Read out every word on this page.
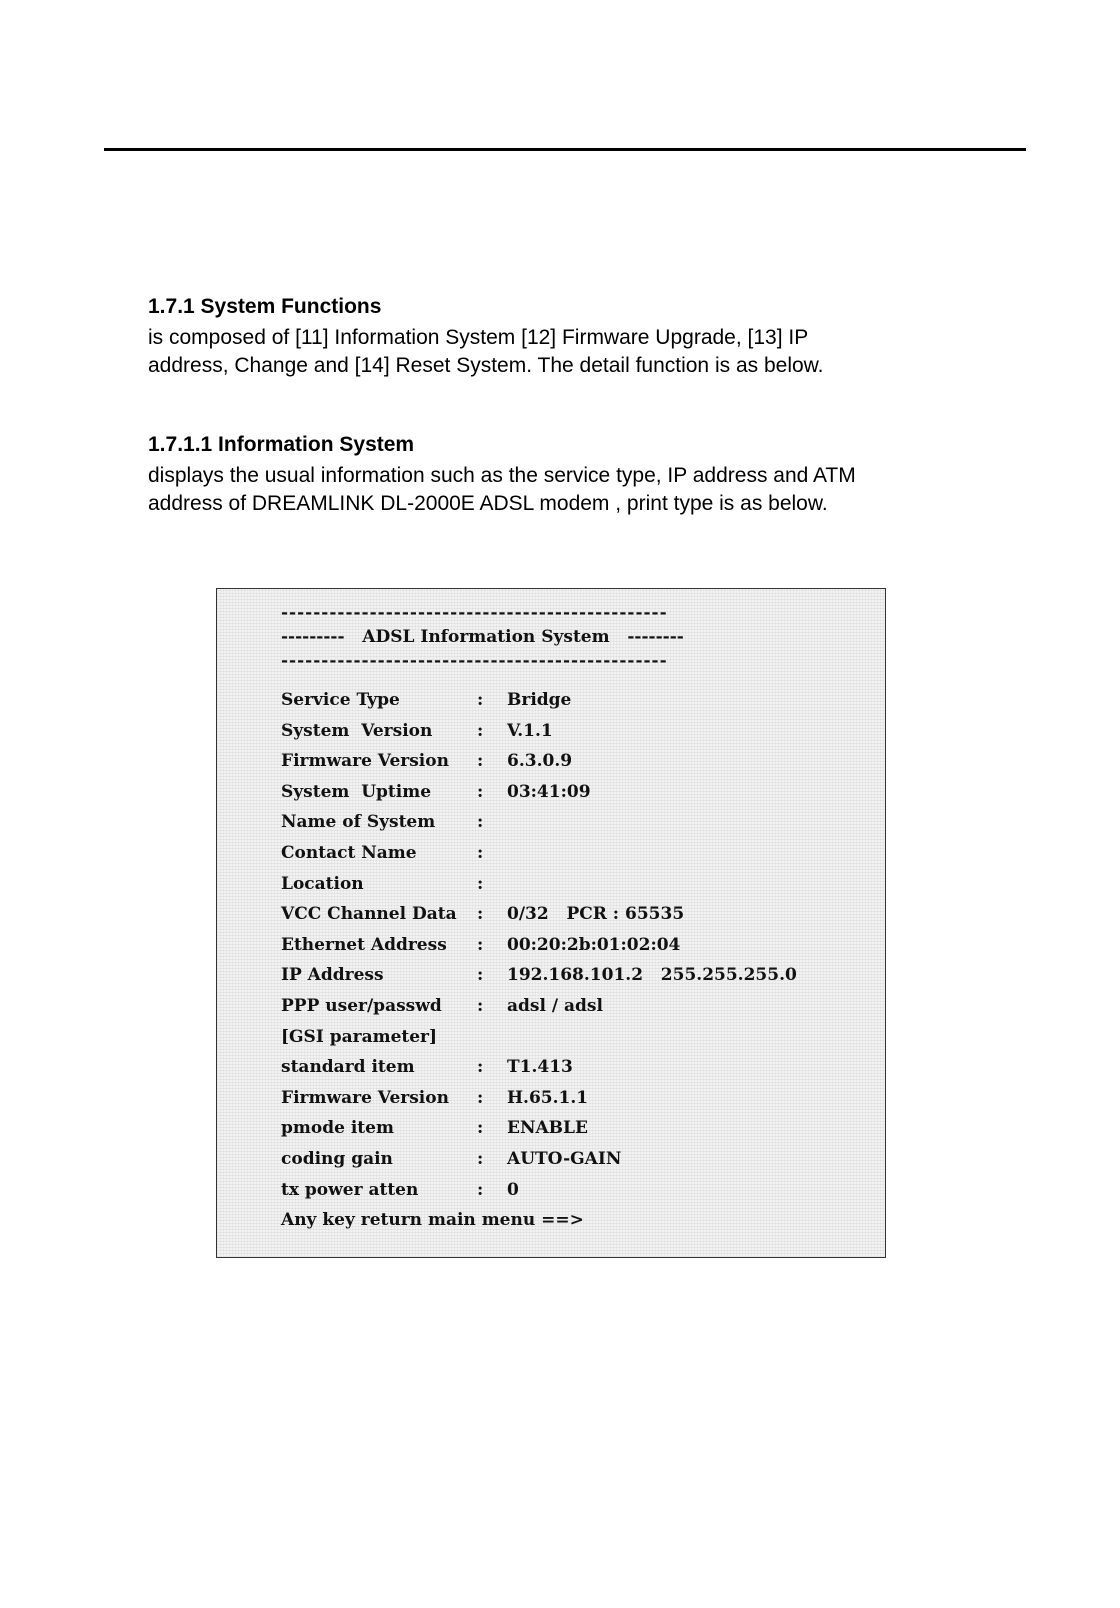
1.7.1 System Functions

is composed of [11] Information System [12] Firmware Upgrade, [13] IP

address, Change and [14] Reset System. The detail function is as below.

1.7.1.1 Information System

displays the usual information such as the service type, IP address and ATM

address of DREAMLINK DL-2000E ADSL modem , print type is as below.

------------------------------------------------
--------- ADSL Information System --------
------------------------------------------------
Service Type	:	Bridge
System  Version	:	V.1.1
Firmware Version	:	6.3.0.9
System  Uptime	:	03:41:09
Name of System	:
Contact Name	:
Location	:
VCC Channel Data	:	0/32   PCR : 65535
Ethernet Address	:	00:20:2b:01:02:04
IP Address	:	192.168.101.2   255.255.255.0
PPP user/passwd	:	adsl / adsl
[GSI parameter]
standard item	:	T1.413
Firmware Version	:	H.65.1.1
pmode item	:	ENABLE
coding gain	:	AUTO-GAIN
tx power atten	:	0
Any key return main menu ==>
